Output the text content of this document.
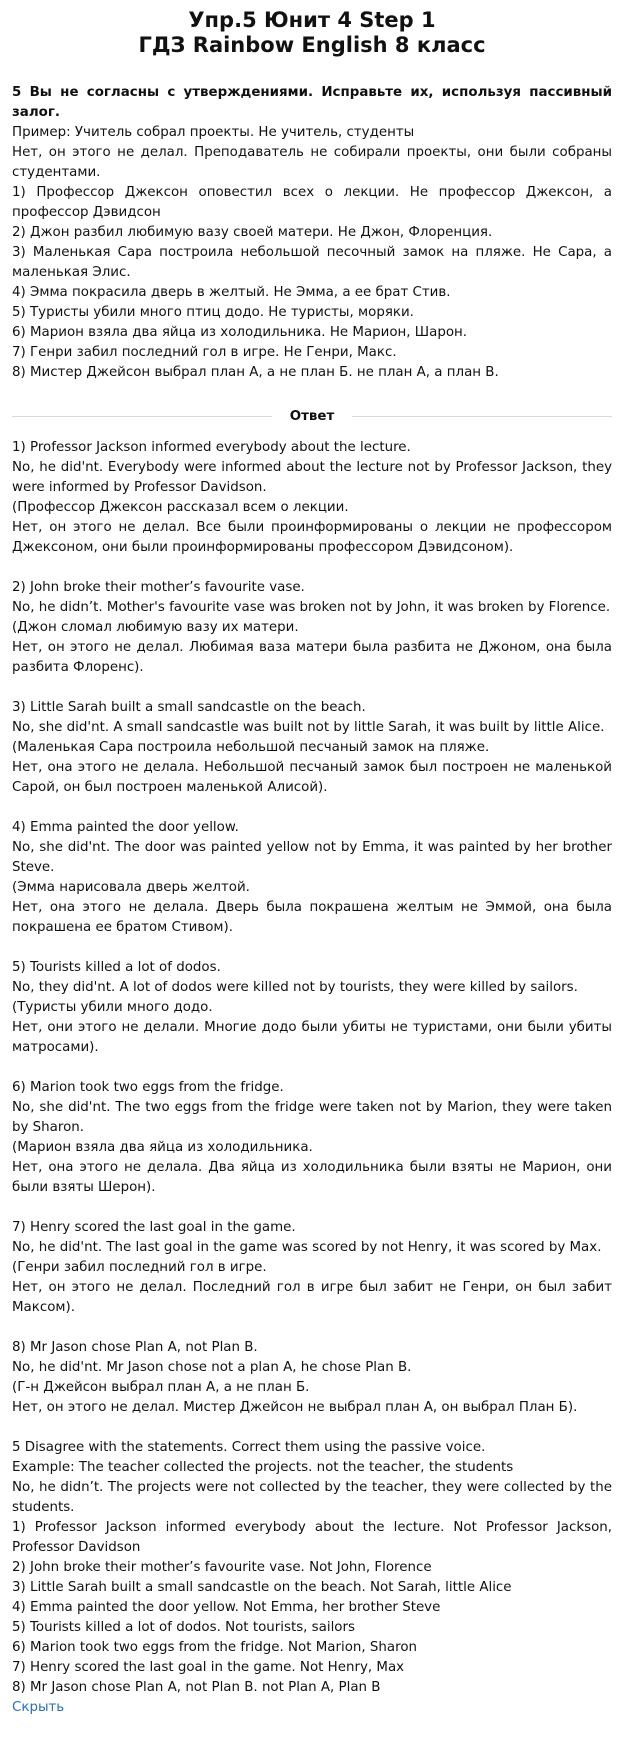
Упр.5 Юнит 4 Step 1
ГДЗ Rainbow English 8 класс
5 Вы не согласны с утверждениями. Исправьте их, используя пассивный залог.
Пример: Учитель собрал проекты. Не учитель, студенты
Нет, он этого не делал. Преподаватель не собирали проекты, они были собраны студентами.
1) Профессор Джексон оповестил всех о лекции. Не профессор Джексон, а профессор Дэвидсон
2) Джон разбил любимую вазу своей матери. Не Джон, Флоренция.
3) Маленькая Сара построила небольшой песочный замок на пляже. Не Сара, а маленькая Элис.
4) Эмма покрасила дверь в желтый. Не Эмма, а ее брат Стив.
5) Туристы убили много птиц додо. Не туристы, моряки.
6) Марион взяла два яйца из холодильника. Не Марион, Шарон.
7) Генри забил последний гол в игре. Не Генри, Макс.
8) Мистер Джейсон выбрал план А, а не план Б. не план А, а план В.
Ответ

1) Professor Jackson informed everybody about the lecture.

No, he did'nt. Everybody were informed about the lecture not by Professor Jackson, they were informed by Professor Davidson.

(Профессор Джексон рассказал всем о лекции.

Нет, он этого не делал. Все были проинформированы о лекции не профессором Джексоном, они были проинформированы профессором Дэвидсоном).

2) John broke their mother’s favourite vase.

No, he didn’t. Mother's favourite vase was broken not by John, it was broken by Florence.

(Джон сломал любимую вазу их матери.

Нет, он этого не делал. Любимая ваза матери была разбита не Джоном, она была разбита Флоренс).

3) Little Sarah built a small sandcastle on the beach.

No, she did'nt. A small sandcastle was built not by little Sarah, it was built by little Alice.

(Маленькая Сара построила небольшой песчаный замок на пляже.

Нет, она этого не делала. Небольшой песчаный замок был построен не маленькой Сарой, он был построен маленькой Алисой).

4) Emma painted the door yellow.

No, she did'nt. The door was painted yellow not by Emma, it was painted by her brother Steve.

(Эмма нарисовала дверь желтой.

Нет, она этого не делала. Дверь была покрашена желтым не Эммой, она была покрашена ее братом Стивом).

5) Tourists killed a lot of dodos.

No, they did'nt. A lot of dodos were killed not by tourists, they were killed by sailors.

(Туристы убили много додо.

Нет, они этого не делали. Многие додо были убиты не туристами, они были убиты матросами).

6) Marion took two eggs from the fridge.

No, she did'nt. The two eggs from the fridge were taken not by Marion, they were taken by Sharon.

(Марион взяла два яйца из холодильника.

Нет, она этого не делала. Два яйца из холодильника были взяты не Марион, они были взяты Шерон).

7) Henry scored the last goal in the game.

No, he did'nt. The last goal in the game was scored by not Henry, it was scored by Max.

(Генри забил последний гол в игре.

Нет, он этого не делал. Последний гол в игре был забит не Генри, он был забит Максом).

8) Mr Jason chose Plan A, not Plan B.

No, he did'nt. Mr Jason chose not a plan A, he chose Plan B.

(Г-н Джейсон выбрал план А, а не план Б.

Нет, он этого не делал. Мистер Джейсон не выбрал план А, он выбрал План Б).

5 Disagree with the statements. Correct them using the passive voice.

Example: The teacher collected the projects. not the teacher, the students

No, he didn’t. The projects were not collected by the teacher, they were collected by the students.

1) Professor Jackson informed everybody about the lecture. Not Professor Jackson, Professor Davidson

2) John broke their mother’s favourite vase. Not John, Florence

3) Little Sarah built a small sandcastle on the beach. Not Sarah, little Alice

4) Emma painted the door yellow. Not Emma, her brother Steve

5) Tourists killed a lot of dodos. Not tourists, sailors

6) Marion took two eggs from the fridge. Not Marion, Sharon

7) Henry scored the last goal in the game. Not Henry, Max

8) Mr Jason chose Plan A, not Plan B. not Plan A, Plan B

Скрыть
